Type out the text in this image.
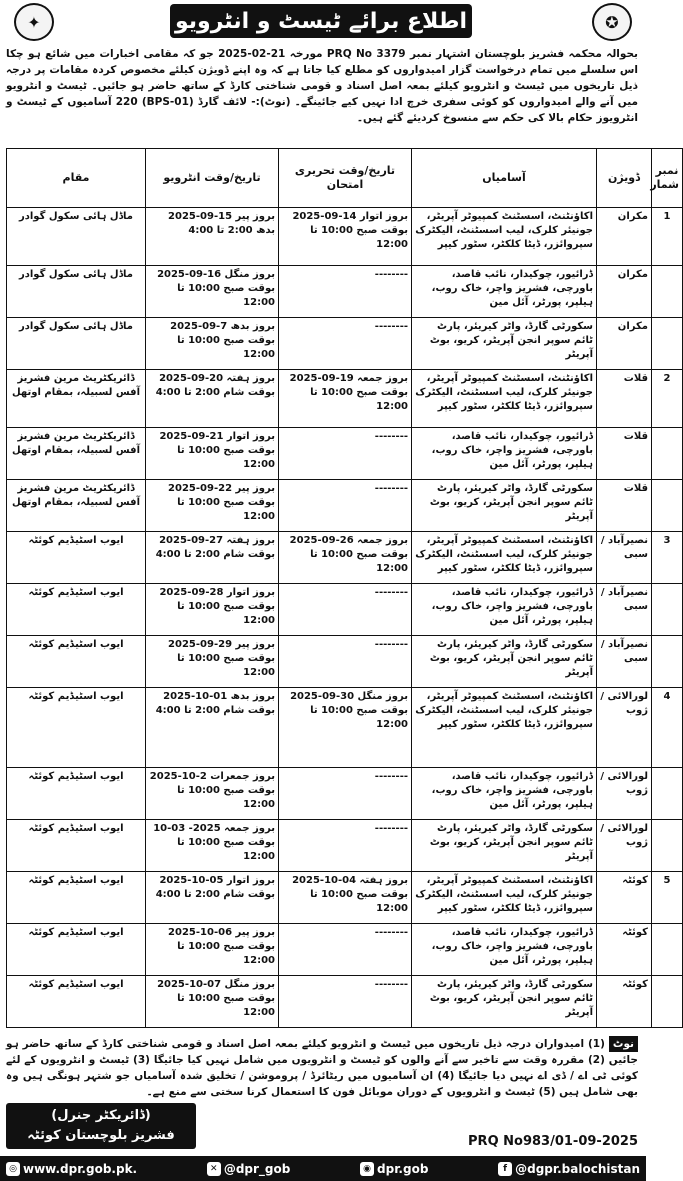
✦	اطلاع برائے ٹیسٹ و انٹرویو	✪
بحوالہ محکمہ فشریز بلوچستان اشتہار نمبر PRQ No 3379 مورخہ 21-02-2025 جو کہ مقامی اخبارات میں شائع ہو چکا اس سلسلے میں تمام درخواست گزار امیدواروں کو مطلع کیا جاتا ہے کہ وہ اپنے ڈویژن کیلئے مخصوص کردہ مقامات پر درجہ ذیل تاریخوں میں ٹیسٹ و انٹرویو کیلئے بمعہ اصل اسناد و قومی شناختی کارڈ کے ساتھ حاضر ہو جائیں۔ ٹیسٹ و انٹرویو میں آنے والے امیدواروں کو کوئی سفری خرچ ادا نہیں کیے جائینگے۔ (نوٹ):- لائف گارڈ (BPS-01) 220 آسامیوں کے ٹیسٹ و انٹرویوز حکام بالا کی حکم سے منسوخ کردیئے گئے ہیں۔
نمبر شمار	ڈویژن	آسامیاں	تاریخ/وقت تحریری امتحان	تاریخ/وقت انٹرویو	مقام
1	مکران	اکاؤنٹنٹ، اسسٹنٹ کمپیوٹر آپریٹر، جونیئر کلرک، لیب اسسٹنٹ، الیکٹرک سپروائزر، ڈیٹا کلکٹر، سٹور کیپر	بروز اتوار 14-09-2025 بوقت صبح 10:00 تا 12:00	بروز پیر 15-09-2025 بدھ 2:00 تا 4:00	ماڈل ہائی سکول گوادر
	مکران	ڈرائیور، چوکیدار، نائب قاصد، باورچی، فشریز واچر، خاک روب، ہیلپر، پورٹر، آئل مین	--------	بروز منگل 16-09-2025 بوقت صبح 10:00 تا 12:00	ماڈل ہائی سکول گوادر
	مکران	سکورٹی گارڈ، واٹر کیریئر، پارٹ ٹائم سوپر انجن آپریٹر، کریو، بوٹ آپریٹر	--------	بروز بدھ 7-09-2025 بوقت صبح 10:00 تا 12:00	ماڈل ہائی سکول گوادر
2	قلات	اکاؤنٹنٹ، اسسٹنٹ کمپیوٹر آپریٹر، جونیئر کلرک، لیب اسسٹنٹ، الیکٹرک سپروائزر، ڈیٹا کلکٹر، سٹور کیپر	بروز جمعہ 19-09-2025 بوقت صبح 10:00 تا 12:00	بروز ہفتہ 20-09-2025 بوقت شام 2:00 تا 4:00	ڈائریکٹریٹ مرین فشریز آفس لسبیلہ، بمقام اوتھل
	قلات	ڈرائیور، چوکیدار، نائب قاصد، باورچی، فشریز واچر، خاک روب، ہیلپر، پورٹر، آئل مین	--------	بروز اتوار 21-09-2025 بوقت صبح 10:00 تا 12:00	ڈائریکٹریٹ مرین فشریز آفس لسبیلہ، بمقام اوتھل
	قلات	سکورٹی گارڈ، واٹر کیریئر، پارٹ ٹائم سوپر انجن آپریٹر، کریو، بوٹ آپریٹر	--------	بروز پیر 22-09-2025 بوقت صبح 10:00 تا 12:00	ڈائریکٹریٹ مرین فشریز آفس لسبیلہ، بمقام اوتھل
3	نصیرآباد / سبی	اکاؤنٹنٹ، اسسٹنٹ کمپیوٹر آپریٹر، جونیئر کلرک، لیب اسسٹنٹ، الیکٹرک سپروائزر، ڈیٹا کلکٹر، سٹور کیپر	بروز جمعہ 26-09-2025 بوقت صبح 10:00 تا 12:00	بروز ہفتہ 27-09-2025 بوقت شام 2:00 تا 4:00	ایوب اسٹیڈیم کوئٹہ
	نصیرآباد / سبی	ڈرائیور، چوکیدار، نائب قاصد، باورچی، فشریز واچر، خاک روب، ہیلپر، پورٹر، آئل مین	--------	بروز اتوار 28-09-2025 بوقت صبح 10:00 تا 12:00	ایوب اسٹیڈیم کوئٹہ
	نصیرآباد / سبی	سکورٹی گارڈ، واٹر کیریئر، پارٹ ٹائم سوپر انجن آپریٹر، کریو، بوٹ آپریٹر	--------	بروز پیر 29-09-2025 بوقت صبح 10:00 تا 12:00	ایوب اسٹیڈیم کوئٹہ
4	لورالائی / ژوب	اکاؤنٹنٹ، اسسٹنٹ کمپیوٹر آپریٹر، جونیئر کلرک، لیب اسسٹنٹ، الیکٹرک سپروائزر، ڈیٹا کلکٹر، سٹور کیپر	بروز منگل 30-09-2025 بوقت صبح 10:00 تا 12:00	بروز بدھ 01-10-2025 بوقت شام 2:00 تا 4:00	ایوب اسٹیڈیم کوئٹہ
	لورالائی / ژوب	ڈرائیور، چوکیدار، نائب قاصد، باورچی، فشریز واچر، خاک روب، ہیلپر، پورٹر، آئل مین	--------	بروز جمعرات 2-10-2025 بوقت صبح 10:00 تا 12:00	ایوب اسٹیڈیم کوئٹہ
	لورالائی / ژوب	سکورٹی گارڈ، واٹر کیریئر، پارٹ ٹائم سوپر انجن آپریٹر، کریو، بوٹ آپریٹر	--------	بروز جمعہ 2025- 03-10 بوقت صبح 10:00 تا 12:00	ایوب اسٹیڈیم کوئٹہ
5	کوئٹہ	اکاؤنٹنٹ، اسسٹنٹ کمپیوٹر آپریٹر، جونیئر کلرک، لیب اسسٹنٹ، الیکٹرک سپروائزر، ڈیٹا کلکٹر، سٹور کیپر	بروز ہفتہ 04-10-2025 بوقت صبح 10:00 تا 12:00	بروز اتوار 05-10-2025 بوقت شام 2:00 تا 4:00	ایوب اسٹیڈیم کوئٹہ
	کوئٹہ	ڈرائیور، چوکیدار، نائب قاصد، باورچی، فشریز واچر، خاک روب، ہیلپر، پورٹر، آئل مین	--------	بروز پیر 06-10-2025 بوقت صبح 10:00 تا 12:00	ایوب اسٹیڈیم کوئٹہ
	کوئٹہ	سکورٹی گارڈ، واٹر کیریئر، پارٹ ٹائم سوپر انجن آپریٹر، کریو، بوٹ آپریٹر	--------	بروز منگل 07-10-2025 بوقت صبح 10:00 تا 12:00	ایوب اسٹیڈیم کوئٹہ
نوٹ(1) امیدواران درجہ ذیل تاریخوں میں ٹیسٹ و انٹرویو کیلئے بمعہ اصل اسناد و قومی شناختی کارڈ کے ساتھ حاضر ہو جائیں (2) مقررہ وقت سے تاخیر سے آنے والوں کو ٹیسٹ و انٹرویوں میں شامل نہیں کیا جائیگا (3) ٹیسٹ و انٹرویوں کے لئے کوئی ٹی اے / ڈی اے نہیں دیا جائیگا (4) ان آسامیوں میں ریٹائرڈ / پروموشن / تخلیق شدہ آسامیاں جو شتہر ہونگی ہیں وہ بھی شامل ہیں (5) ٹیسٹ و انٹرویوں کے دوران موبائل فون کا استعمال کرنا سختی سے منع ہے۔
(ڈائریکٹر جنرل)
فشریز بلوچستان کوئٹہ	PRQ No983/01-09-2025
◎ www.dpr.gob.pk.	✕ @dpr_gob	◉ dpr.gob	f @dgpr.balochistan
